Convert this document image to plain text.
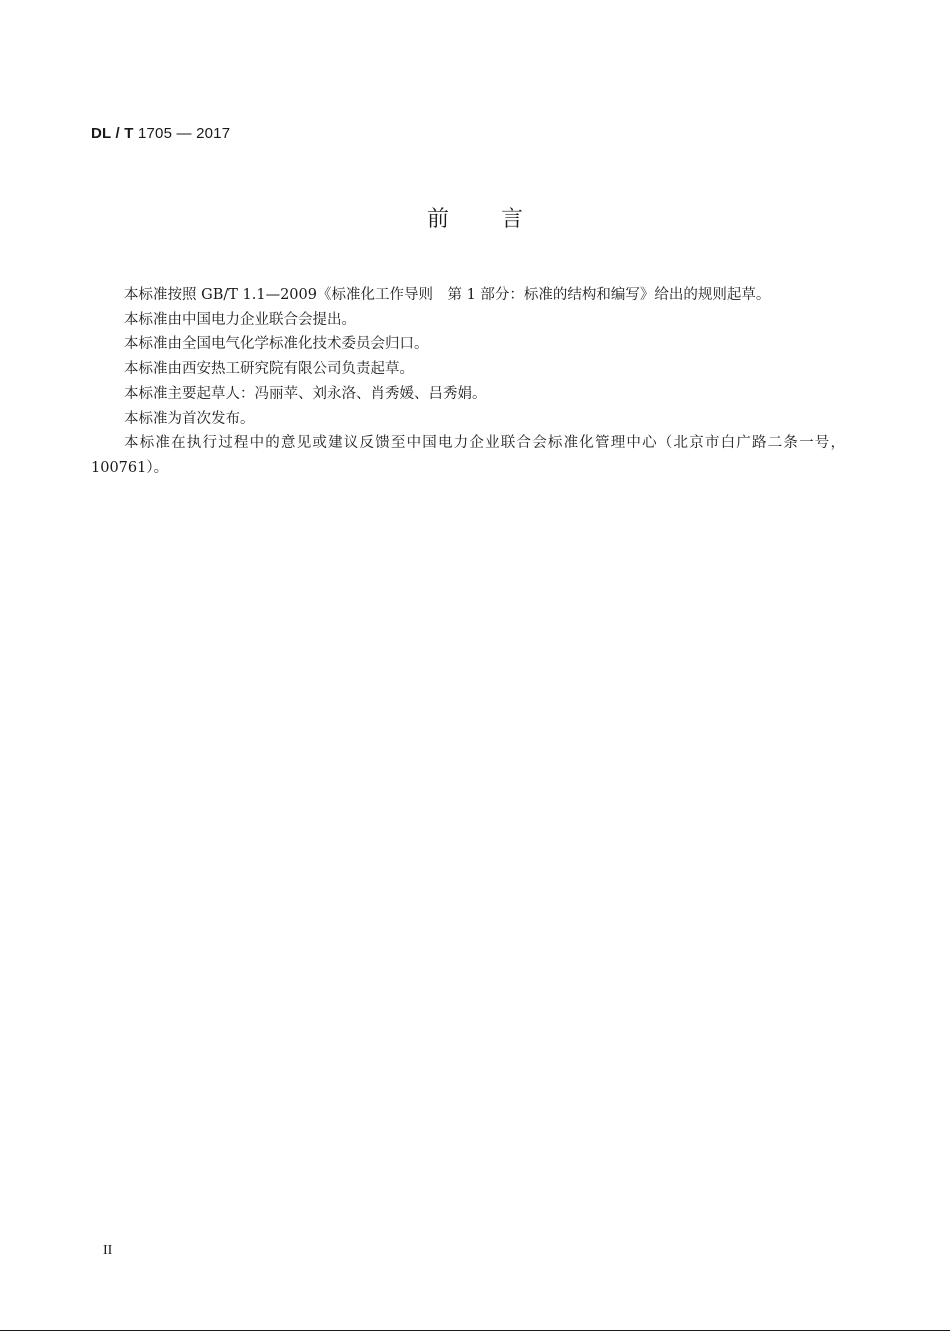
DL / T 1705 — 2017
前言

本标准按照 GB/T 1.1—2009《标准化工作导则　第 1 部分：标准的结构和编写》给出的规则起草。

本标准由中国电力企业联合会提出。

本标准由全国电气化学标准化技术委员会归口。

本标准由西安热工研究院有限公司负责起草。

本标准主要起草人：冯丽苹、刘永洛、肖秀媛、吕秀娟。

本标准为首次发布。

本标准在执行过程中的意见或建议反馈至中国电力企业联合会标准化管理中心（北京市白广路二条一号，100761）。

II
